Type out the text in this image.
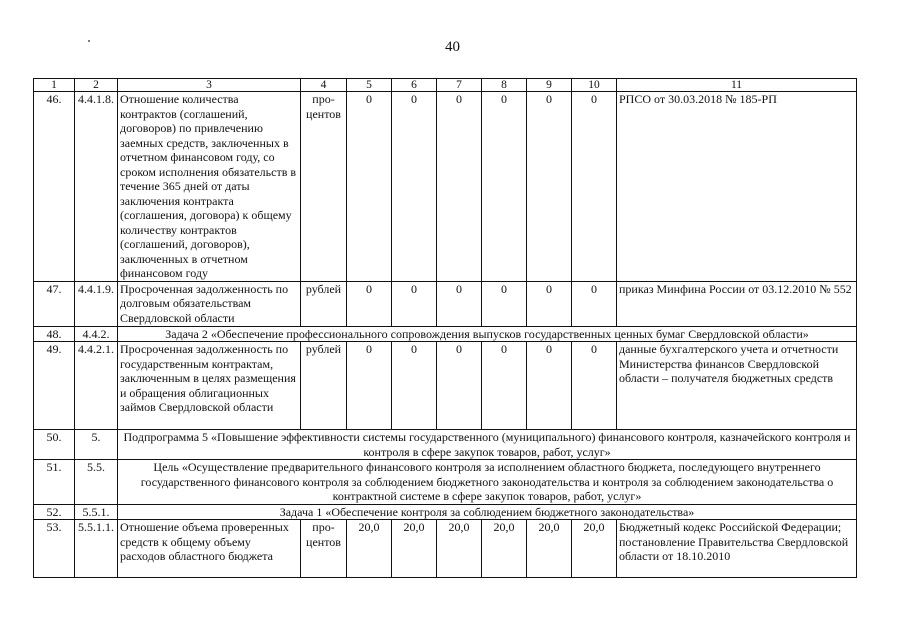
40
1	2	3	4	5	6	7	8	9	10	11
46.	4.4.1.8.	Отношение количества контрактов (соглашений, договоров) по привлечению заемных средств, заключенных в отчетном финансовом году, со сроком исполнения обязательств в течение 365 дней от даты заключения контракта (соглашения, договора) к общему количеству контрактов (соглашений, договоров), заключенных в отчетном финансовом году	про-центов	0	0	0	0	0	0	РПСО от 30.03.2018 № 185-РП
47.	4.4.1.9.	Просроченная задолженность по долговым обязательствам Свердловской области	рублей	0	0	0	0	0	0	приказ Минфина России от 03.12.2010 № 552
48.	4.4.2.	Задача 2 «Обеспечение профессионального сопровождения выпусков государственных ценных бумаг Свердловской области»								
49.	4.4.2.1.	Просроченная задолженность по государственным контрактам, заключенным в целях размещения и обращения облигационных займов Свердловской области	рублей	0	0	0	0	0	0	данные бухгалтерского учета и отчетности Министерства финансов Свердловской области – получателя бюджетных средств
50.	5.	Подпрограмма 5 «Повышение эффективности системы государственного (муниципального) финансового контроля, казначейского контроля и контроля в сфере закупок товаров, работ, услуг»								
51.	5.5.	Цель «Осуществление предварительного финансового контроля за исполнением областного бюджета, последующего внутреннего государственного финансового контроля за соблюдением бюджетного законодательства и контроля за соблюдением законодательства о контрактной системе в сфере закупок товаров, работ, услуг»								
52.	5.5.1.	Задача 1 «Обеспечение контроля за соблюдением бюджетного законодательства»								
53.	5.5.1.1.	Отношение объема проверенных средств к общему объему расходов областного бюджета	про-центов	20,0	20,0	20,0	20,0	20,0	20,0	Бюджетный кодекс Российской Федерации; постановление Правительства Свердловской области от 18.10.2010
